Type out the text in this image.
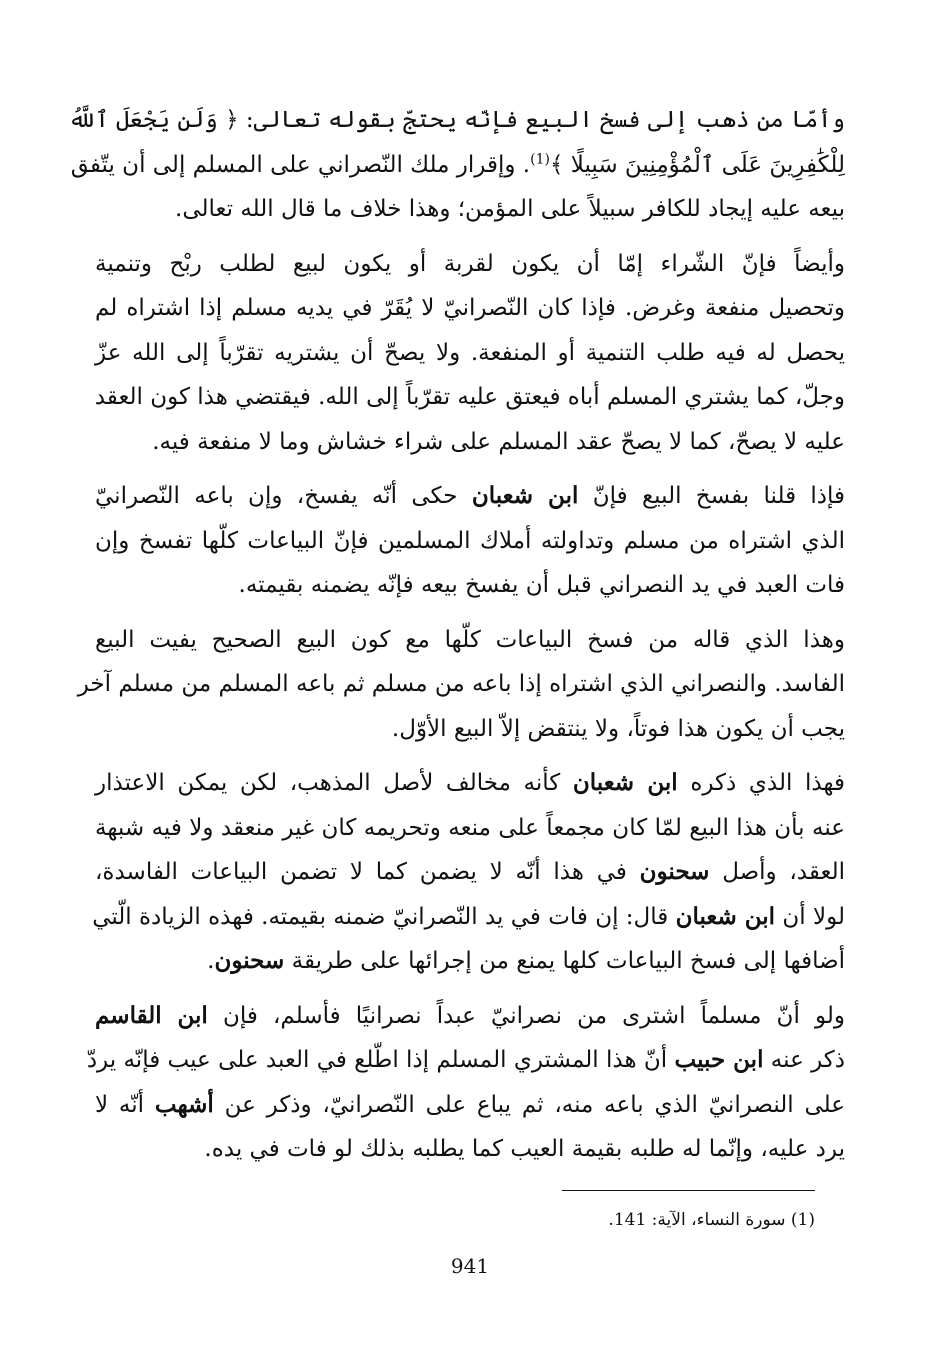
وأمّا من ذهب إلى فسخ البيع فإنّه يحتجّ بقوله تعالى: ﴿ وَلَن يَجْعَلَ ٱللَّهُ
لِلْكَٰفِرِينَ عَلَى ٱلْمُؤْمِنِينَ سَبِيلًا ﴾$^{(1)}$. وإقرار ملك النّصراني على المسلم إلى أن يتّفق
بيعه عليه إيجاد للكافر سبيلاً على المؤمن؛ وهذا خلاف ما قال الله تعالى.
وأيضاً فإنّ الشّراء إمّا أن يكون لقربة أو يكون لبيع لطلب ربْح وتنمية
وتحصيل منفعة وغرض. فإذا كان النّصرانيّ لا يُقَرّ في يديه مسلم إذا اشتراه لم
يحصل له فيه طلب التنمية أو المنفعة. ولا يصحّ أن يشتريه تقرّباً إلى الله عزّ
وجلّ، كما يشتري المسلم أباه فيعتق عليه تقرّباً إلى الله. فيقتضي هذا كون العقد
عليه لا يصحّ، كما لا يصحّ عقد المسلم على شراء خشاش وما لا منفعة فيه.
فإذا قلنا بفسخ البيع فإنّ ابن شعبان حكى أنّه يفسخ، وإن باعه النّصرانيّ
الذي اشتراه من مسلم وتداولته أملاك المسلمين فإنّ البياعات كلّها تفسخ وإن
فات العبد في يد النصراني قبل أن يفسخ بيعه فإنّه يضمنه بقيمته.
وهذا الذي قاله من فسخ البياعات كلّها مع كون البيع الصحيح يفيت البيع
الفاسد. والنصراني الذي اشتراه إذا باعه من مسلم ثم باعه المسلم من مسلم آخر
يجب أن يكون هذا فوتاً، ولا ينتقض إلاّ البيع الأوّل.
فهذا الذي ذكره ابن شعبان كأنه مخالف لأصل المذهب، لكن يمكن الاعتذار
عنه بأن هذا البيع لمّا كان مجمعاً على منعه وتحريمه كان غير منعقد ولا فيه شبهة
العقد، وأصل سحنون في هذا أنّه لا يضمن كما لا تضمن البياعات الفاسدة،
لولا أن ابن شعبان قال: إن فات في يد النّصرانيّ ضمنه بقيمته. فهذه الزيادة الّتي
أضافها إلى فسخ البياعات كلها يمنع من إجرائها على طريقة سحنون.
ولو أنّ مسلماً اشترى من نصرانيّ عبداً نصرانيًا فأسلم، فإن ابن القاسم
ذكر عنه ابن حبيب أنّ هذا المشتري المسلم إذا اطّلع في العبد على عيب فإنّه يردّ
على النصرانيّ الذي باعه منه، ثم يباع على النّصرانيّ، وذكر عن أشهب أنّه لا
يرد عليه، وإنّما له طلبه بقيمة العيب كما يطلبه بذلك لو فات في يده.
(1) سورة النساء، الآية: 141.
941
